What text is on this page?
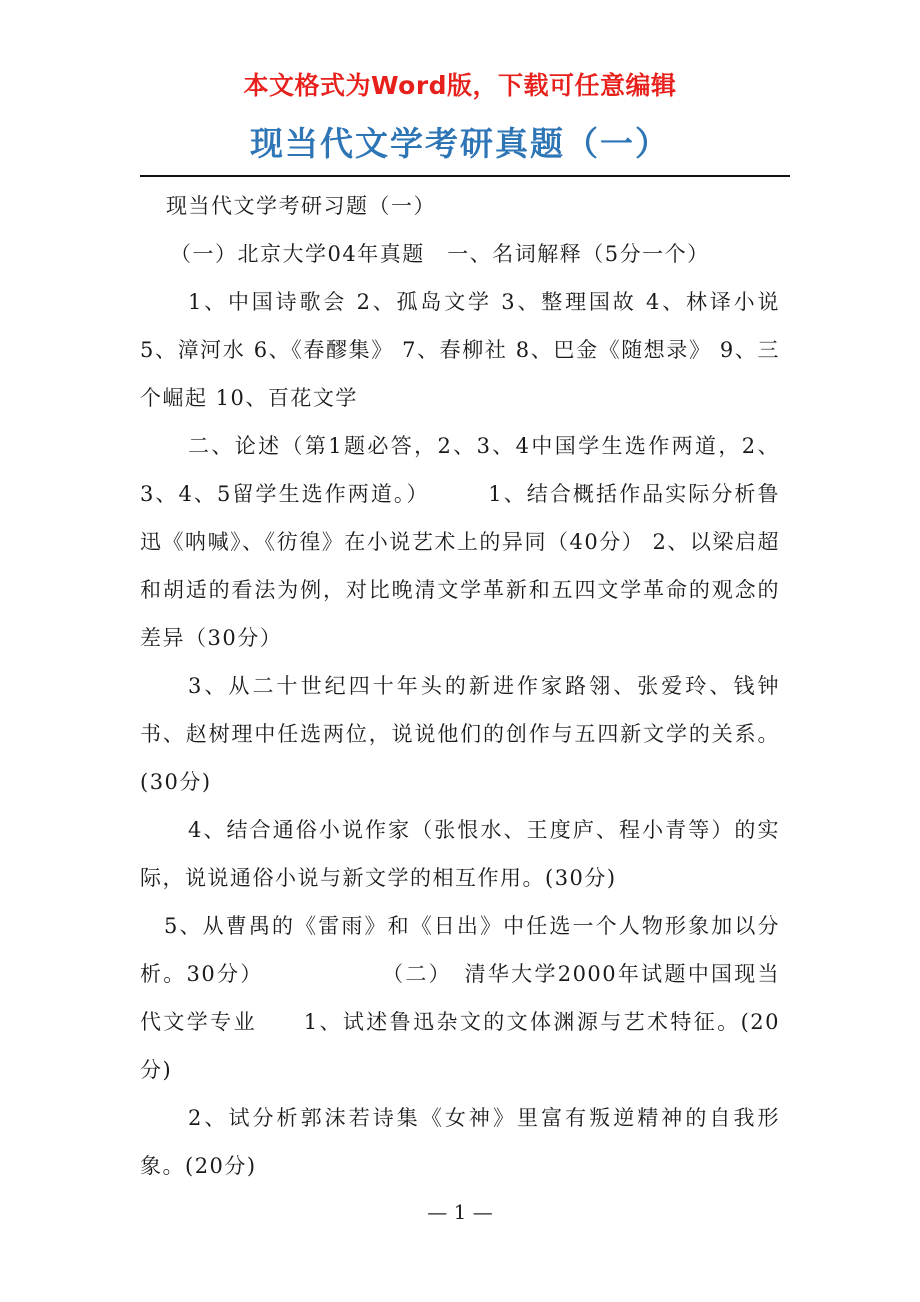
本文格式为Word版，下载可任意编辑
现当代文学考研真题（一）

现当代文学考研习题（一）

（一）北京大学04年真题　一、名词解释（5分一个）

1、中国诗歌会 2、孤岛文学 3、整理国故 4、林译小说 5、漳河水 6、《春醪集》 7、春柳社 8、巴金《随想录》 9、三个崛起 10、百花文学

二、论述（第1题必答，2、3、4中国学生选作两道，2、3、4、5留学生选作两道。）　　　1、结合概括作品实际分析鲁迅《呐喊》、《彷徨》在小说艺术上的异同（40分） 2、以梁启超和胡适的看法为例，对比晚清文学革新和五四文学革命的观念的差异（30分）

3、从二十世纪四十年头的新进作家路翎、张爱玲、钱钟书、赵树理中任选两位，说说他们的创作与五四新文学的关系。(30分)

4、结合通俗小说作家（张恨水、王度庐、程小青等）的实际，说说通俗小说与新文学的相互作用。(30分)

5、从曹禺的《雷雨》和《日出》中任选一个人物形象加以分析。30分）　　　　　　（二）　清华大学2000年试题中国现当代文学专业　　1、试述鲁迅杂文的文体渊源与艺术特征。(20分)

2、试分析郭沫若诗集《女神》里富有叛逆精神的自我形象。(20分)

— 1 —
